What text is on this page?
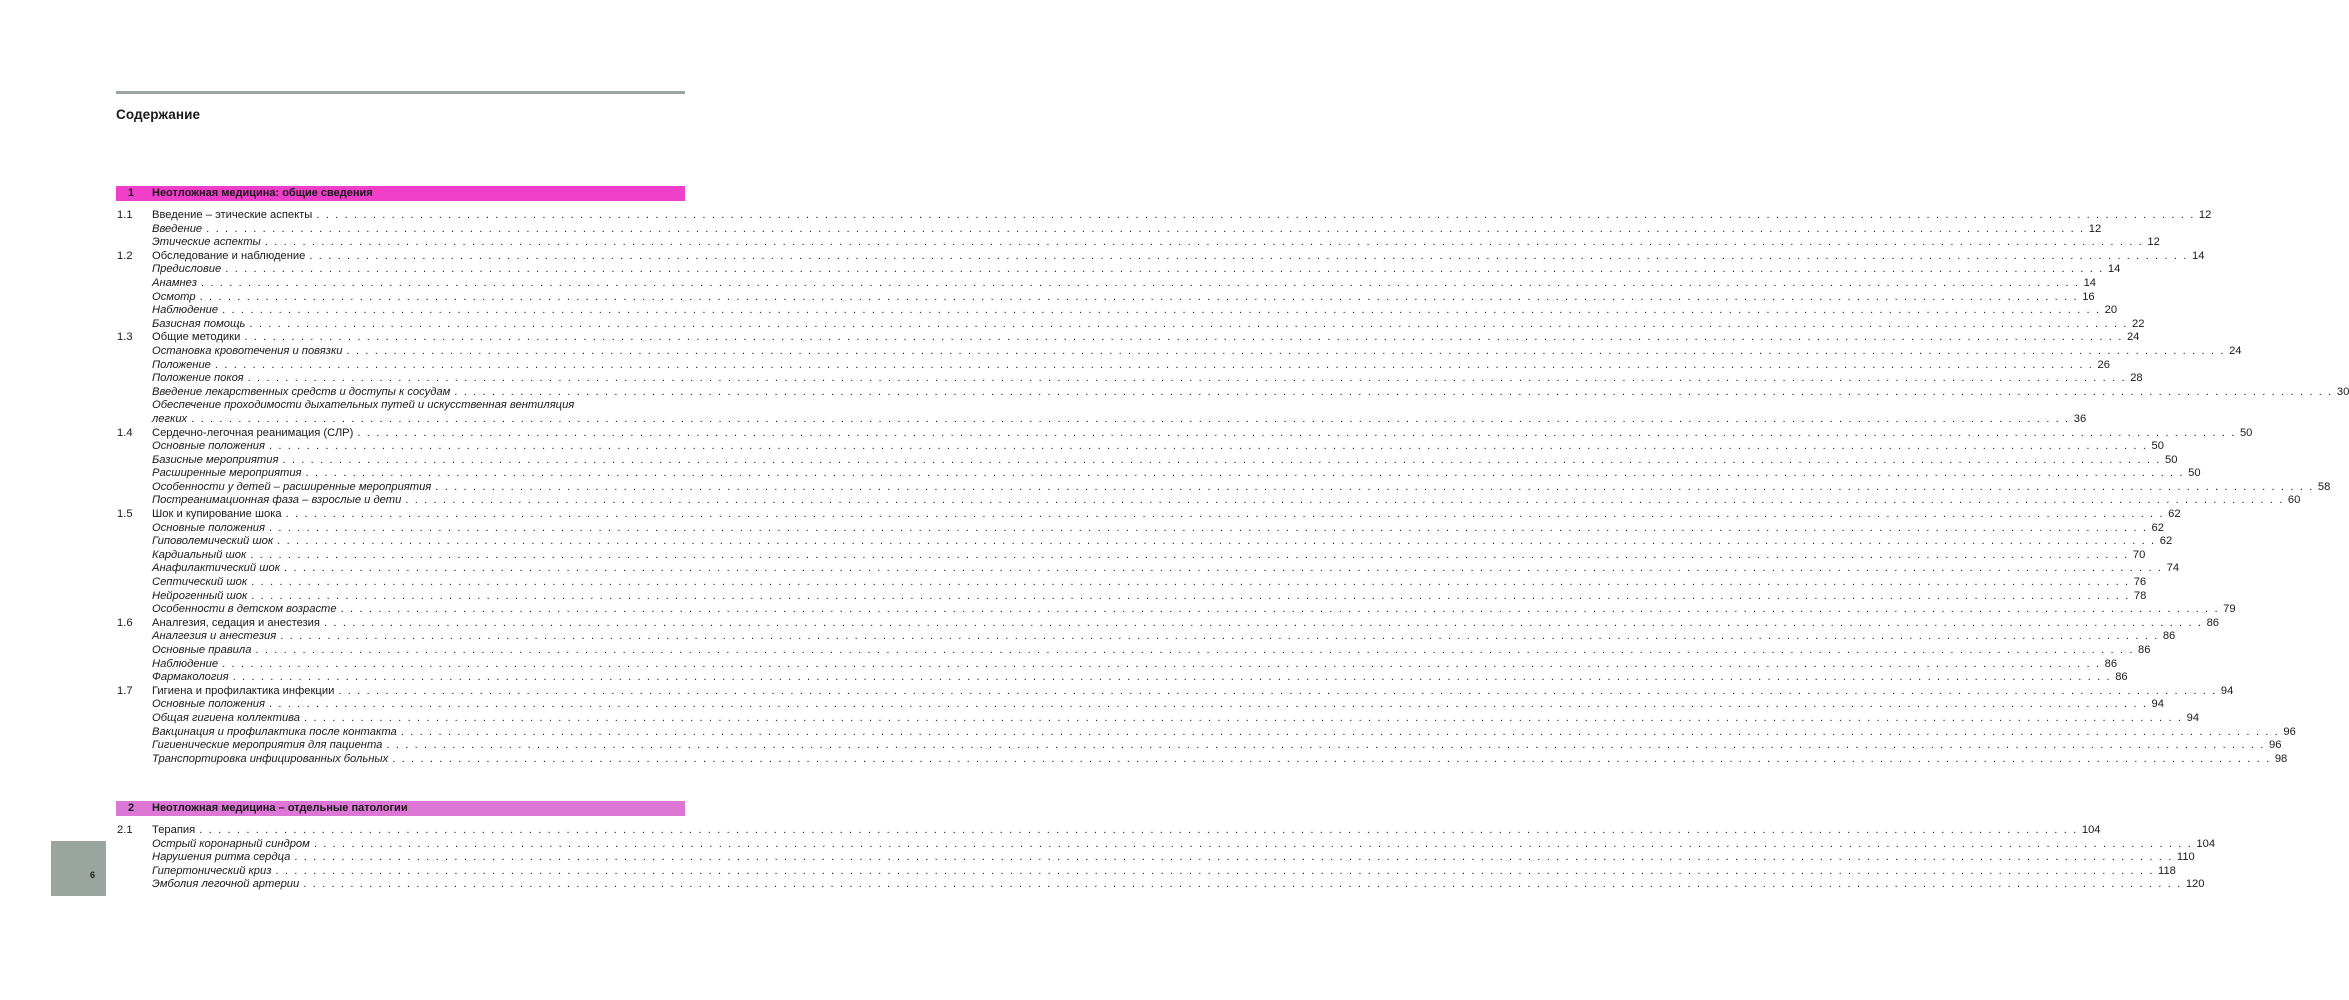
Содержание
1 Неотложная медицина: общие сведения
1.1 Введение – этические аспекты . . . . . . . . . . . . . . . . . . . . . . . . . . . . . . . . . . . . . . . . . . . . . . . . . . . . . . . . . . . . . . . . . . . . . . . . . . . . . . . . . . . . . . . . . . . . . . . . . . . . . . . . . . . . . . . . . . . . . . . . . . . . . . . . . . . . . . . . . . . . . . . . . . . . . . . . . . . . . . . . . . . . . . . . . . . . . . . . . . . . . . . . . . . . . . . . . . . . . . . . 12
Введение . . . . . . . . . . . . . . . . . . . . . . . . . . . . . . . . . . . . . . . . . . . . . . . . . . . . . . . . . . . . . . . . . . . . . . . . . . . . . . . . . . . . . . . . . . . . . . . . . . . . . . . . . . . . . . . . . . . . . . . . . . . . . . . . . . . . . . . . . . . . . . . . . . . . . . . . . . . . . . . . . . . . . . . . . . . . . . . . . . . . . . . . . . . . . . . . . . . . . . . . 12
Этические аспекты . . . . . . . . . . . . . . . . . . . . . . . . . . . . . . . . . . . . . . . . . . . . . . . . . . . . . . . . . . . . . . . . . . . . . . . . . . . . . . . . . . . . . . . . . . . . . . . . . . . . . . . . . . . . . . . . . . . . . . . . . . . . . . . . . . . . . . . . . . . . . . . . . . . . . . . . . . . . . . . . . . . . . . . . . . . . . . . . . . . . . . . . . . . . . . . . . . . . . . . . 12
1.2 Обследование и наблюдение . . . . . . . . . . . . . . . . . . . . . . . . . . . . . . . . . . . . . . . . . . . . . . . . . . . . . . . . . . . . . . . . . . . . . . . . . . . . . . . . . . . . . . . . . . . . . . . . . . . . . . . . . . . . . . . . . . . . . . . . . . . . . . . . . . . . . . . . . . . . . . . . . . . . . . . . . . . . . . . . . . . . . . . . . . . . . . . . . . . . . . . . . . . . . . . . . . . . . . . . 14
Предисловие . . . . . . . . . . . . . . . . . . . . . . . . . . . . . . . . . . . . . . . . . . . . . . . . . . . . . . . . . . . . . . . . . . . . . . . . . . . . . . . . . . . . . . . . . . . . . . . . . . . . . . . . . . . . . . . . . . . . . . . . . . . . . . . . . . . . . . . . . . . . . . . . . . . . . . . . . . . . . . . . . . . . . . . . . . . . . . . . . . . . . . . . . . . . . . . . . . . . . . . . 14
Анамнез . . . . . . . . . . . . . . . . . . . . . . . . . . . . . . . . . . . . . . . . . . . . . . . . . . . . . . . . . . . . . . . . . . . . . . . . . . . . . . . . . . . . . . . . . . . . . . . . . . . . . . . . . . . . . . . . . . . . . . . . . . . . . . . . . . . . . . . . . . . . . . . . . . . . . . . . . . . . . . . . . . . . . . . . . . . . . . . . . . . . . . . . . . . . . . . . . . . . . . . . 14
Осмотр . . . . . . . . . . . . . . . . . . . . . . . . . . . . . . . . . . . . . . . . . . . . . . . . . . . . . . . . . . . . . . . . . . . . . . . . . . . . . . . . . . . . . . . . . . . . . . . . . . . . . . . . . . . . . . . . . . . . . . . . . . . . . . . . . . . . . . . . . . . . . . . . . . . . . . . . . . . . . . . . . . . . . . . . . . . . . . . . . . . . . . . . . . . . . . . . . . . . . . . . 16
Наблюдение . . . . . . . . . . . . . . . . . . . . . . . . . . . . . . . . . . . . . . . . . . . . . . . . . . . . . . . . . . . . . . . . . . . . . . . . . . . . . . . . . . . . . . . . . . . . . . . . . . . . . . . . . . . . . . . . . . . . . . . . . . . . . . . . . . . . . . . . . . . . . . . . . . . . . . . . . . . . . . . . . . . . . . . . . . . . . . . . . . . . . . . . . . . . . . . . . . . . . . . . 20
Базисная помощь . . . . . . . . . . . . . . . . . . . . . . . . . . . . . . . . . . . . . . . . . . . . . . . . . . . . . . . . . . . . . . . . . . . . . . . . . . . . . . . . . . . . . . . . . . . . . . . . . . . . . . . . . . . . . . . . . . . . . . . . . . . . . . . . . . . . . . . . . . . . . . . . . . . . . . . . . . . . . . . . . . . . . . . . . . . . . . . . . . . . . . . . . . . . . . . . . . . . . . . . 22
1.3 Общие методики . . . . . . . . . . . . . . . . . . . . . . . . . . . . . . . . . . . . . . . . . . . . . . . . . . . . . . . . . . . . . . . . . . . . . . . . . . . . . . . . . . . . . . . . . . . . . . . . . . . . . . . . . . . . . . . . . . . . . . . . . . . . . . . . . . . . . . . . . . . . . . . . . . . . . . . . . . . . . . . . . . . . . . . . . . . . . . . . . . . . . . . . . . . . . . . . . . . . . . . . 24
Остановка кровотечения и повязки . . . . . . . . . . . . . . . . . . . . . . . . . . . . . . . . . . . . . . . . . . . . . . . . . . . . . . . . . . . . . . . . . . . . . . . . . . . . . . . . . . . . . . . . . . . . . . . . . . . . . . . . . . . . . . . . . . . . . . . . . . . . . . . . . . . . . . . . . . . . . . . . . . . . . . . . . . . . . . . . . . . . . . . . . . . . . . . . . . . . . . . . . . . . . . . . . . . . . . . . 24
Положение . . . . . . . . . . . . . . . . . . . . . . . . . . . . . . . . . . . . . . . . . . . . . . . . . . . . . . . . . . . . . . . . . . . . . . . . . . . . . . . . . . . . . . . . . . . . . . . . . . . . . . . . . . . . . . . . . . . . . . . . . . . . . . . . . . . . . . . . . . . . . . . . . . . . . . . . . . . . . . . . . . . . . . . . . . . . . . . . . . . . . . . . . . . . . . . . . . . . . . . . 26
Положение покоя . . . . . . . . . . . . . . . . . . . . . . . . . . . . . . . . . . . . . . . . . . . . . . . . . . . . . . . . . . . . . . . . . . . . . . . . . . . . . . . . . . . . . . . . . . . . . . . . . . . . . . . . . . . . . . . . . . . . . . . . . . . . . . . . . . . . . . . . . . . . . . . . . . . . . . . . . . . . . . . . . . . . . . . . . . . . . . . . . . . . . . . . . . . . . . . . . . . . . . . . 28
Введение лекарственных средств и доступы к сосудам . . . . . . . . . . . . . . . . . . . . . . . . . . . . . . . . . . . . . . . . . . . . . . . . . . . . . . . . . . . . . . . . . . . . . . . . . . . . . . . . . . . . . . . . . . . . . . . . . . . . . . . . . . . . . . . . . . . . . . . . . . . . . . . . . . . . . . . . . . . . . . . . . . . . . . . . . . . . . . . . . . . . . . . . . . . . . . . . . . . . . . . . . . . . . . . . . . . . . . . . 30
Обеспечение проходимости дыхательных путей и искусственная вентиляция
легких . . . . . . . . . . . . . . . . . . . . . . . . . . . . . . . . . . . . . . . . . . . . . . . . . . . . . . . . . . . . . . . . . . . . . . . . . . . . . . . . . . . . . . . . . . . . . . . . . . . . . . . . . . . . . . . . . . . . . . . . . . . . . . . . . . . . . . . . . . . . . . . . . . . . . . . . . . . . . . . . . . . . . . . . . . . . . . . . . . . . . . . . . . . . . . . . . . . . . . . . 36
1.4 Сердечно-легочная реанимация (СЛР) . . . . . . . . . . . . . . . . . . . . . . . . . . . . . . . . . . . . . . . . . . . . . . . . . . . . . . . . . . . . . . . . . . . . . . . . . . . . . . . . . . . . . . . . . . . . . . . . . . . . . . . . . . . . . . . . . . . . . . . . . . . . . . . . . . . . . . . . . . . . . . . . . . . . . . . . . . . . . . . . . . . . . . . . . . . . . . . . . . . . . . . . . . . . . . . . . . . . . . . . 50
Основные положения . . . . . . . . . . . . . . . . . . . . . . . . . . . . . . . . . . . . . . . . . . . . . . . . . . . . . . . . . . . . . . . . . . . . . . . . . . . . . . . . . . . . . . . . . . . . . . . . . . . . . . . . . . . . . . . . . . . . . . . . . . . . . . . . . . . . . . . . . . . . . . . . . . . . . . . . . . . . . . . . . . . . . . . . . . . . . . . . . . . . . . . . . . . . . . . . . . . . . . . . 50
Базисные мероприятия . . . . . . . . . . . . . . . . . . . . . . . . . . . . . . . . . . . . . . . . . . . . . . . . . . . . . . . . . . . . . . . . . . . . . . . . . . . . . . . . . . . . . . . . . . . . . . . . . . . . . . . . . . . . . . . . . . . . . . . . . . . . . . . . . . . . . . . . . . . . . . . . . . . . . . . . . . . . . . . . . . . . . . . . . . . . . . . . . . . . . . . . . . . . . . . . . . . . . . . . 50
Расширенные мероприятия . . . . . . . . . . . . . . . . . . . . . . . . . . . . . . . . . . . . . . . . . . . . . . . . . . . . . . . . . . . . . . . . . . . . . . . . . . . . . . . . . . . . . . . . . . . . . . . . . . . . . . . . . . . . . . . . . . . . . . . . . . . . . . . . . . . . . . . . . . . . . . . . . . . . . . . . . . . . . . . . . . . . . . . . . . . . . . . . . . . . . . . . . . . . . . . . . . . . . . . . 50
Особенности у детей – расширенные мероприятия . . . . . . . . . . . . . . . . . . . . . . . . . . . . . . . . . . . . . . . . . . . . . . . . . . . . . . . . . . . . . . . . . . . . . . . . . . . . . . . . . . . . . . . . . . . . . . . . . . . . . . . . . . . . . . . . . . . . . . . . . . . . . . . . . . . . . . . . . . . . . . . . . . . . . . . . . . . . . . . . . . . . . . . . . . . . . . . . . . . . . . . . . . . . . . . . . . . . . . . . 58
Постреанимационная фаза – взрослые и дети . . . . . . . . . . . . . . . . . . . . . . . . . . . . . . . . . . . . . . . . . . . . . . . . . . . . . . . . . . . . . . . . . . . . . . . . . . . . . . . . . . . . . . . . . . . . . . . . . . . . . . . . . . . . . . . . . . . . . . . . . . . . . . . . . . . . . . . . . . . . . . . . . . . . . . . . . . . . . . . . . . . . . . . . . . . . . . . . . . . . . . . . . . . . . . . . . . . . . . . . 60
1.5 Шок и купирование шока . . . . . . . . . . . . . . . . . . . . . . . . . . . . . . . . . . . . . . . . . . . . . . . . . . . . . . . . . . . . . . . . . . . . . . . . . . . . . . . . . . . . . . . . . . . . . . . . . . . . . . . . . . . . . . . . . . . . . . . . . . . . . . . . . . . . . . . . . . . . . . . . . . . . . . . . . . . . . . . . . . . . . . . . . . . . . . . . . . . . . . . . . . . . . . . . . . . . . . . . 62
Основные положения . . . . . . . . . . . . . . . . . . . . . . . . . . . . . . . . . . . . . . . . . . . . . . . . . . . . . . . . . . . . . . . . . . . . . . . . . . . . . . . . . . . . . . . . . . . . . . . . . . . . . . . . . . . . . . . . . . . . . . . . . . . . . . . . . . . . . . . . . . . . . . . . . . . . . . . . . . . . . . . . . . . . . . . . . . . . . . . . . . . . . . . . . . . . . . . . . . . . . . . . 62
Гиповолемический шок . . . . . . . . . . . . . . . . . . . . . . . . . . . . . . . . . . . . . . . . . . . . . . . . . . . . . . . . . . . . . . . . . . . . . . . . . . . . . . . . . . . . . . . . . . . . . . . . . . . . . . . . . . . . . . . . . . . . . . . . . . . . . . . . . . . . . . . . . . . . . . . . . . . . . . . . . . . . . . . . . . . . . . . . . . . . . . . . . . . . . . . . . . . . . . . . . . . . . . . . 62
Кардиальный шок . . . . . . . . . . . . . . . . . . . . . . . . . . . . . . . . . . . . . . . . . . . . . . . . . . . . . . . . . . . . . . . . . . . . . . . . . . . . . . . . . . . . . . . . . . . . . . . . . . . . . . . . . . . . . . . . . . . . . . . . . . . . . . . . . . . . . . . . . . . . . . . . . . . . . . . . . . . . . . . . . . . . . . . . . . . . . . . . . . . . . . . . . . . . . . . . . . . . . . . . 70
Анафилактический шок . . . . . . . . . . . . . . . . . . . . . . . . . . . . . . . . . . . . . . . . . . . . . . . . . . . . . . . . . . . . . . . . . . . . . . . . . . . . . . . . . . . . . . . . . . . . . . . . . . . . . . . . . . . . . . . . . . . . . . . . . . . . . . . . . . . . . . . . . . . . . . . . . . . . . . . . . . . . . . . . . . . . . . . . . . . . . . . . . . . . . . . . . . . . . . . . . . . . . . . . 74
Септический шок . . . . . . . . . . . . . . . . . . . . . . . . . . . . . . . . . . . . . . . . . . . . . . . . . . . . . . . . . . . . . . . . . . . . . . . . . . . . . . . . . . . . . . . . . . . . . . . . . . . . . . . . . . . . . . . . . . . . . . . . . . . . . . . . . . . . . . . . . . . . . . . . . . . . . . . . . . . . . . . . . . . . . . . . . . . . . . . . . . . . . . . . . . . . . . . . . . . . . . . . 76
Нейрогенный шок . . . . . . . . . . . . . . . . . . . . . . . . . . . . . . . . . . . . . . . . . . . . . . . . . . . . . . . . . . . . . . . . . . . . . . . . . . . . . . . . . . . . . . . . . . . . . . . . . . . . . . . . . . . . . . . . . . . . . . . . . . . . . . . . . . . . . . . . . . . . . . . . . . . . . . . . . . . . . . . . . . . . . . . . . . . . . . . . . . . . . . . . . . . . . . . . . . . . . . . . 78
Особенности в детском возрасте . . . . . . . . . . . . . . . . . . . . . . . . . . . . . . . . . . . . . . . . . . . . . . . . . . . . . . . . . . . . . . . . . . . . . . . . . . . . . . . . . . . . . . . . . . . . . . . . . . . . . . . . . . . . . . . . . . . . . . . . . . . . . . . . . . . . . . . . . . . . . . . . . . . . . . . . . . . . . . . . . . . . . . . . . . . . . . . . . . . . . . . . . . . . . . . . . . . . . . . . 79
1.6 Аналгезия, седация и анестезия . . . . . . . . . . . . . . . . . . . . . . . . . . . . . . . . . . . . . . . . . . . . . . . . . . . . . . . . . . . . . . . . . . . . . . . . . . . . . . . . . . . . . . . . . . . . . . . . . . . . . . . . . . . . . . . . . . . . . . . . . . . . . . . . . . . . . . . . . . . . . . . . . . . . . . . . . . . . . . . . . . . . . . . . . . . . . . . . . . . . . . . . . . . . . . . . . . . . . . . . 86
Аналгезия и анестезия . . . . . . . . . . . . . . . . . . . . . . . . . . . . . . . . . . . . . . . . . . . . . . . . . . . . . . . . . . . . . . . . . . . . . . . . . . . . . . . . . . . . . . . . . . . . . . . . . . . . . . . . . . . . . . . . . . . . . . . . . . . . . . . . . . . . . . . . . . . . . . . . . . . . . . . . . . . . . . . . . . . . . . . . . . . . . . . . . . . . . . . . . . . . . . . . . . . . . . . . 86
Основные правила . . . . . . . . . . . . . . . . . . . . . . . . . . . . . . . . . . . . . . . . . . . . . . . . . . . . . . . . . . . . . . . . . . . . . . . . . . . . . . . . . . . . . . . . . . . . . . . . . . . . . . . . . . . . . . . . . . . . . . . . . . . . . . . . . . . . . . . . . . . . . . . . . . . . . . . . . . . . . . . . . . . . . . . . . . . . . . . . . . . . . . . . . . . . . . . . . . . . . . . . 86
Наблюдение . . . . . . . . . . . . . . . . . . . . . . . . . . . . . . . . . . . . . . . . . . . . . . . . . . . . . . . . . . . . . . . . . . . . . . . . . . . . . . . . . . . . . . . . . . . . . . . . . . . . . . . . . . . . . . . . . . . . . . . . . . . . . . . . . . . . . . . . . . . . . . . . . . . . . . . . . . . . . . . . . . . . . . . . . . . . . . . . . . . . . . . . . . . . . . . . . . . . . . . . 86
Фармакология . . . . . . . . . . . . . . . . . . . . . . . . . . . . . . . . . . . . . . . . . . . . . . . . . . . . . . . . . . . . . . . . . . . . . . . . . . . . . . . . . . . . . . . . . . . . . . . . . . . . . . . . . . . . . . . . . . . . . . . . . . . . . . . . . . . . . . . . . . . . . . . . . . . . . . . . . . . . . . . . . . . . . . . . . . . . . . . . . . . . . . . . . . . . . . . . . . . . . . . . 86
1.7 Гигиена и профилактика инфекции . . . . . . . . . . . . . . . . . . . . . . . . . . . . . . . . . . . . . . . . . . . . . . . . . . . . . . . . . . . . . . . . . . . . . . . . . . . . . . . . . . . . . . . . . . . . . . . . . . . . . . . . . . . . . . . . . . . . . . . . . . . . . . . . . . . . . . . . . . . . . . . . . . . . . . . . . . . . . . . . . . . . . . . . . . . . . . . . . . . . . . . . . . . . . . . . . . . . . . . . 94
Основные положения . . . . . . . . . . . . . . . . . . . . . . . . . . . . . . . . . . . . . . . . . . . . . . . . . . . . . . . . . . . . . . . . . . . . . . . . . . . . . . . . . . . . . . . . . . . . . . . . . . . . . . . . . . . . . . . . . . . . . . . . . . . . . . . . . . . . . . . . . . . . . . . . . . . . . . . . . . . . . . . . . . . . . . . . . . . . . . . . . . . . . . . . . . . . . . . . . . . . . . . . 94
Общая гигиена коллектива . . . . . . . . . . . . . . . . . . . . . . . . . . . . . . . . . . . . . . . . . . . . . . . . . . . . . . . . . . . . . . . . . . . . . . . . . . . . . . . . . . . . . . . . . . . . . . . . . . . . . . . . . . . . . . . . . . . . . . . . . . . . . . . . . . . . . . . . . . . . . . . . . . . . . . . . . . . . . . . . . . . . . . . . . . . . . . . . . . . . . . . . . . . . . . . . . . . . . . . . 94
Вакцинация и профилактика после контакта . . . . . . . . . . . . . . . . . . . . . . . . . . . . . . . . . . . . . . . . . . . . . . . . . . . . . . . . . . . . . . . . . . . . . . . . . . . . . . . . . . . . . . . . . . . . . . . . . . . . . . . . . . . . . . . . . . . . . . . . . . . . . . . . . . . . . . . . . . . . . . . . . . . . . . . . . . . . . . . . . . . . . . . . . . . . . . . . . . . . . . . . . . . . . . . . . . . . . . . . 96
Гигиенические мероприятия для пациента . . . . . . . . . . . . . . . . . . . . . . . . . . . . . . . . . . . . . . . . . . . . . . . . . . . . . . . . . . . . . . . . . . . . . . . . . . . . . . . . . . . . . . . . . . . . . . . . . . . . . . . . . . . . . . . . . . . . . . . . . . . . . . . . . . . . . . . . . . . . . . . . . . . . . . . . . . . . . . . . . . . . . . . . . . . . . . . . . . . . . . . . . . . . . . . . . . . . . . . . 96
Транспортировка инфицированных больных . . . . . . . . . . . . . . . . . . . . . . . . . . . . . . . . . . . . . . . . . . . . . . . . . . . . . . . . . . . . . . . . . . . . . . . . . . . . . . . . . . . . . . . . . . . . . . . . . . . . . . . . . . . . . . . . . . . . . . . . . . . . . . . . . . . . . . . . . . . . . . . . . . . . . . . . . . . . . . . . . . . . . . . . . . . . . . . . . . . . . . . . . . . . . . . . . . . . . . . . 98
2 Неотложная медицина – отдельные патологии
2.1 Терапия . . . . . . . . . . . . . . . . . . . . . . . . . . . . . . . . . . . . . . . . . . . . . . . . . . . . . . . . . . . . . . . . . . . . . . . . . . . . . . . . . . . . . . . . . . . . . . . . . . . . . . . . . . . . . . . . . . . . . . . . . . . . . . . . . . . . . . . . . . . . . . . . . . . . . . . . . . . . . . . . . . . . . . . . . . . . . . . . . . . . . . . . . . . . . . . . . . . . . . . . 104
Острый коронарный синдром . . . . . . . . . . . . . . . . . . . . . . . . . . . . . . . . . . . . . . . . . . . . . . . . . . . . . . . . . . . . . . . . . . . . . . . . . . . . . . . . . . . . . . . . . . . . . . . . . . . . . . . . . . . . . . . . . . . . . . . . . . . . . . . . . . . . . . . . . . . . . . . . . . . . . . . . . . . . . . . . . . . . . . . . . . . . . . . . . . . . . . . . . . . . . . . . . . . . . . . . 104
Нарушения ритма сердца . . . . . . . . . . . . . . . . . . . . . . . . . . . . . . . . . . . . . . . . . . . . . . . . . . . . . . . . . . . . . . . . . . . . . . . . . . . . . . . . . . . . . . . . . . . . . . . . . . . . . . . . . . . . . . . . . . . . . . . . . . . . . . . . . . . . . . . . . . . . . . . . . . . . . . . . . . . . . . . . . . . . . . . . . . . . . . . . . . . . . . . . . . . . . . . . . . . . . . . . 110
Гипертонический криз . . . . . . . . . . . . . . . . . . . . . . . . . . . . . . . . . . . . . . . . . . . . . . . . . . . . . . . . . . . . . . . . . . . . . . . . . . . . . . . . . . . . . . . . . . . . . . . . . . . . . . . . . . . . . . . . . . . . . . . . . . . . . . . . . . . . . . . . . . . . . . . . . . . . . . . . . . . . . . . . . . . . . . . . . . . . . . . . . . . . . . . . . . . . . . . . . . . . . . . . 118
Эмболия легочной артерии . . . . . . . . . . . . . . . . . . . . . . . . . . . . . . . . . . . . . . . . . . . . . . . . . . . . . . . . . . . . . . . . . . . . . . . . . . . . . . . . . . . . . . . . . . . . . . . . . . . . . . . . . . . . . . . . . . . . . . . . . . . . . . . . . . . . . . . . . . . . . . . . . . . . . . . . . . . . . . . . . . . . . . . . . . . . . . . . . . . . . . . . . . . . . . . . . . . . . . . . 120
6
